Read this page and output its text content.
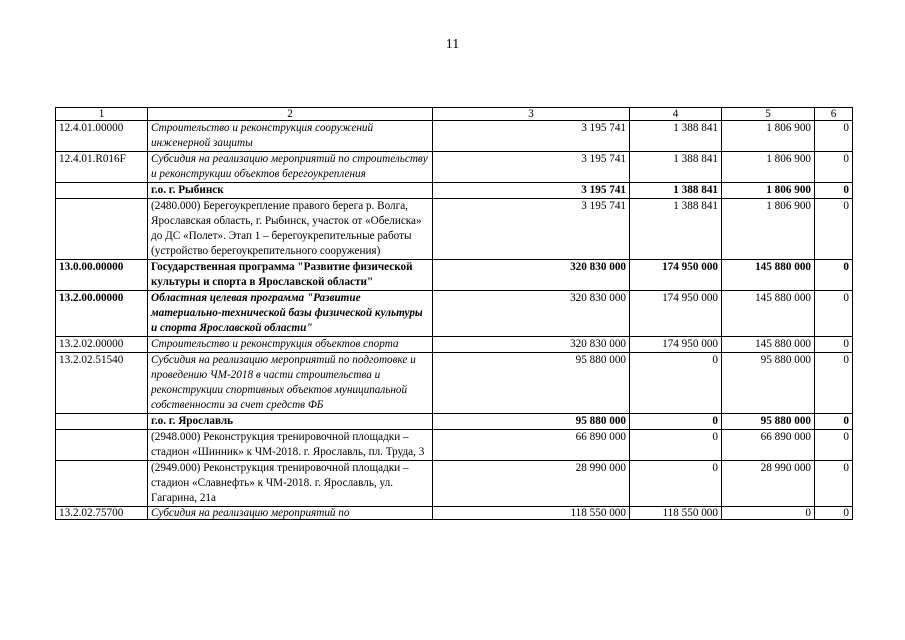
11
1	2	3	4	5	6
12.4.01.00000	Строительство и реконструкция сооружений инженерной защиты	3 195 741	1 388 841	1 806 900	0
12.4.01.R016F	Субсидия на реализацию мероприятий по строительству и реконструкции объектов берегоукрепления	3 195 741	1 388 841	1 806 900	0
	г.о. г. Рыбинск	3 195 741	1 388 841	1 806 900	0
	(2480.000) Берегоукрепление правого берега р. Волга, Ярославская область, г. Рыбинск, участок от «Обелиска» до ДС «Полет». Этап 1 – берегоукрепительные работы (устройство берегоукрепительного сооружения)	3 195 741	1 388 841	1 806 900	0
13.0.00.00000	Государственная программа "Развитие физической культуры и спорта в Ярославской области"	320 830 000	174 950 000	145 880 000	0
13.2.00.00000	Областная целевая программа "Развитие материально-технической базы физической культуры и спорта Ярославской области"	320 830 000	174 950 000	145 880 000	0
13.2.02.00000	Строительство и реконструкция объектов спорта	320 830 000	174 950 000	145 880 000	0
13.2.02.51540	Субсидия на реализацию мероприятий по подготовке и проведению ЧМ-2018 в части строительства и реконструкции спортивных объектов муниципальной собственности за счет средств ФБ	95 880 000	0	95 880 000	0
	г.о. г. Ярославль	95 880 000	0	95 880 000	0
	(2948.000) Реконструкция тренировочной площадки – стадион «Шинник» к ЧМ-2018. г. Ярославль, пл. Труда, 3	66 890 000	0	66 890 000	0
	(2949.000) Реконструкция тренировочной площадки – стадион «Славнефть» к ЧМ-2018. г. Ярославль, ул. Гагарина, 21а	28 990 000	0	28 990 000	0
13.2.02.75700	Субсидия на реализацию мероприятий по	118 550 000	118 550 000	0	0
